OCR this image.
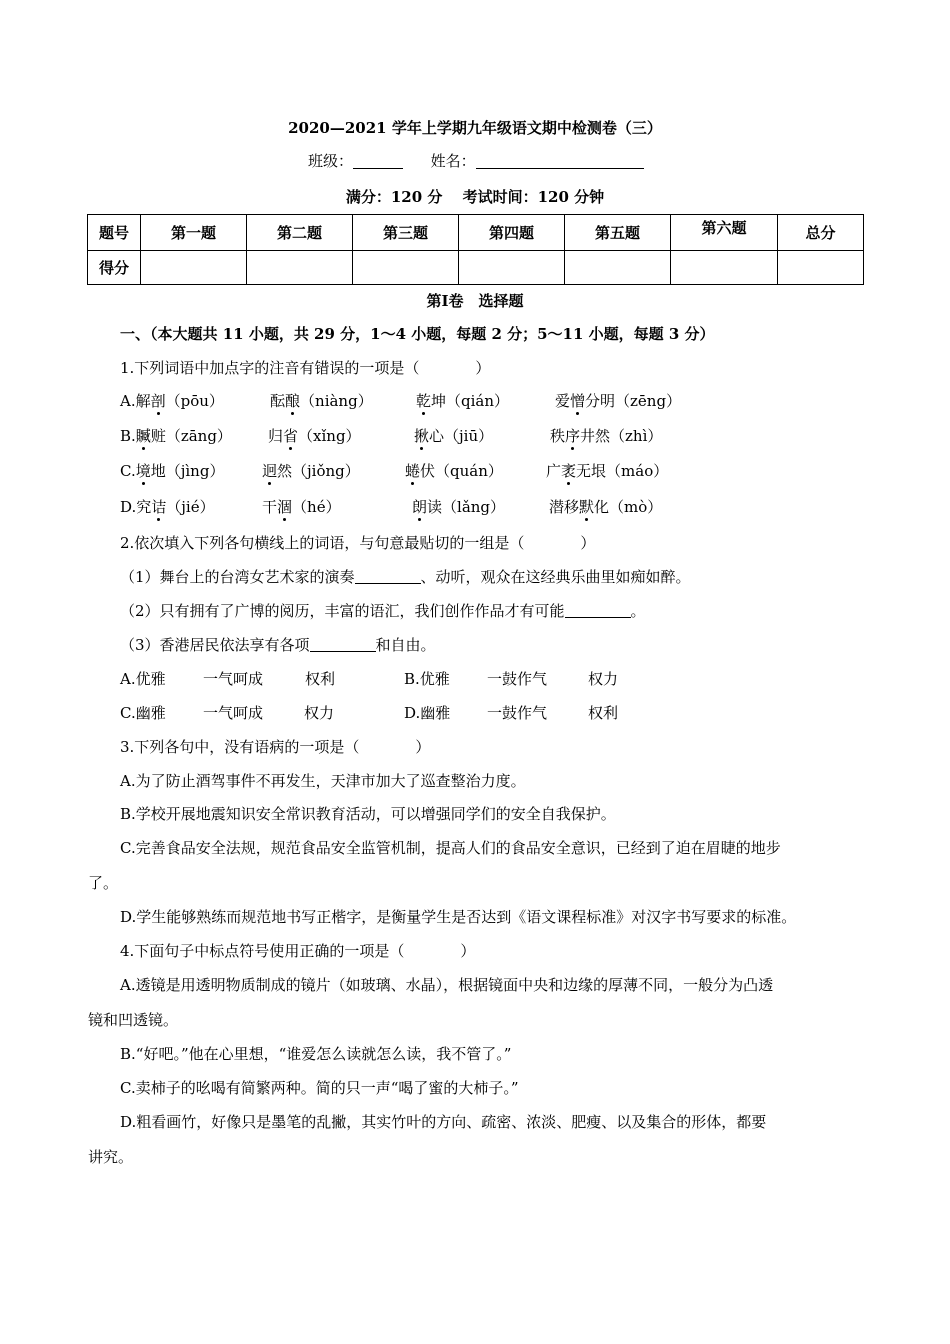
2020—2021 学年上学期九年级语文期中检测卷（三）
班级：	姓名：
满分：120 分　 考试时间：120 分钟
题号	第一题	第二题	第三题	第四题	第五题	第六题	总分
得分							
第Ⅰ卷　选择题
一、（本大题共 11 小题，共 29 分，1～4 小题，每题 2 分；5～11 小题，每题 3 分）
1.下列词语中加点字的注音有错误的一项是（	）
A.解剖（pōu）	酝酿（niàng）	乾坤（qián）	爱憎分明（zēng）
B.贓赃（zāng） 归省（xǐng）	揪心（jiū）	秩序井然（zhì）
C.境地（jìng）	迥然（jiǒng）	蜷伏（quán）	广袤无垠（máo）
D.究诘（jié）	干涸（hé）	朗读（lǎng）	潜移默化（mò）
2.依次填入下列各句横线上的词语，与句意最贴切的一组是（	）
（1）舞台上的台湾女艺术家的演奏	、动听，观众在这经典乐曲里如痴如醉。
（2）只有拥有了广博的阅历，丰富的语汇，我们创作作品才有可能	。
（3）香港居民依法享有各项	和自由。
A.优雅 一气呵成	权利	B.优雅 一鼓作气	权力
C.幽雅 一气呵成	权力	D.幽雅 一鼓作气	权利
3.下列各句中，没有语病的一项是（	）
A.为了防止酒驾事件不再发生，天津市加大了巡查整治力度。
B.学校开展地震知识安全常识教育活动，可以增强同学们的安全自我保护。
C.完善食品安全法规，规范食品安全监管机制，提高人们的食品安全意识，已经到了迫在眉睫的地步
了。
D.学生能够熟练而规范地书写正楷字，是衡量学生是否达到《语文课程标准》对汉字书写要求的标准。
4.下面句子中标点符号使用正确的一项是（	）
A.透镜是用透明物质制成的镜片（如玻璃、水晶），根据镜面中央和边缘的厚薄不同，一般分为凸透
镜和凹透镜。
B.“好吧。”他在心里想，“谁爱怎么读就怎么读，我不管了。”
C.卖柿子的吆喝有简繁两种。简的只一声“喝了蜜的大柿子。”
D.粗看画竹，好像只是墨笔的乱撇，其实竹叶的方向、疏密、浓淡、肥瘦、以及集合的形体，都要
讲究。
